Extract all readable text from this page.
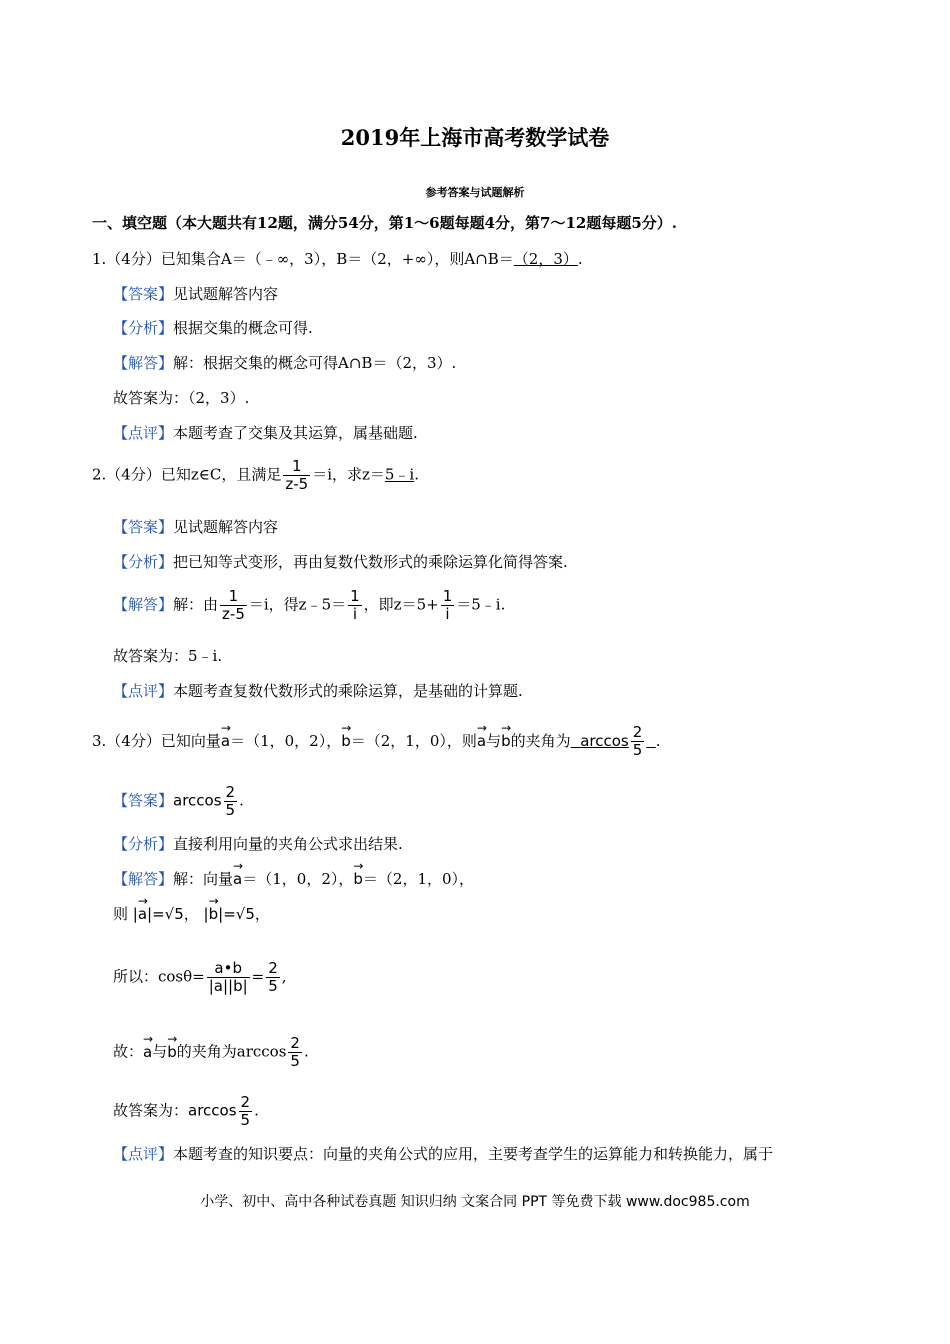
2019年上海市高考数学试卷
参考答案与试题解析
一、填空题（本大题共有12题，满分54分，第1～6题每题4分，第7～12题每题5分）.
1.（4分）已知集合A＝（﹣∞，3），B＝（2，+∞），则A∩B＝（2，3）.
【答案】见试题解答内容
【分析】根据交集的概念可得.
【解答】解：根据交集的概念可得A∩B＝（2，3）.
故答案为：（2，3）.
【点评】本题考查了交集及其运算，属基础题.
2.（4分）已知z∈C，且满足 $\frac{1}{z-5} =i$，求z＝5﹣i.
【答案】见试题解答内容
【分析】把已知等式变形，再由复数代数形式的乘除运算化简得答案.
【解答】解：由 $\frac{1}{z-5} =i$，得z﹣5＝ $\frac{1}{i}$ ，即$z=5+ \frac{1}{i}$ ＝5﹣i.
故答案为：5﹣i.
【点评】本题考查复数代数形式的乘除运算，是基础的计算题.
3.（4分）已知向量→ a＝（1，0，2），→ b＝（2，1，0），则→ a与→ b的夹角为 $\arccos \frac{2}{5}$ .
【答案】$\arccos \frac{2}{5}$ .
【分析】直接利用向量的夹角公式求出结果.
【解答】解：向量→ a＝（1，0，2），→ b＝（2，1，0），
则 |→ a|=√5， |→ b|=√5，
所以：$\cos\theta= \frac{a•b}{|a||b|} = \frac{2}{5}$ ,
故：→ a与→ b的夹角为$\arccos \frac{2}{5}$ .
故答案为：$\arccos \frac{2}{5}$ .
【点评】本题考查的知识要点：向量的夹角公式的应用，主要考查学生的运算能力和转换能力，属于
小学、初中、高中各种试卷真题 知识归纳 文案合同 PPT 等免费下载 www.doc985.com
